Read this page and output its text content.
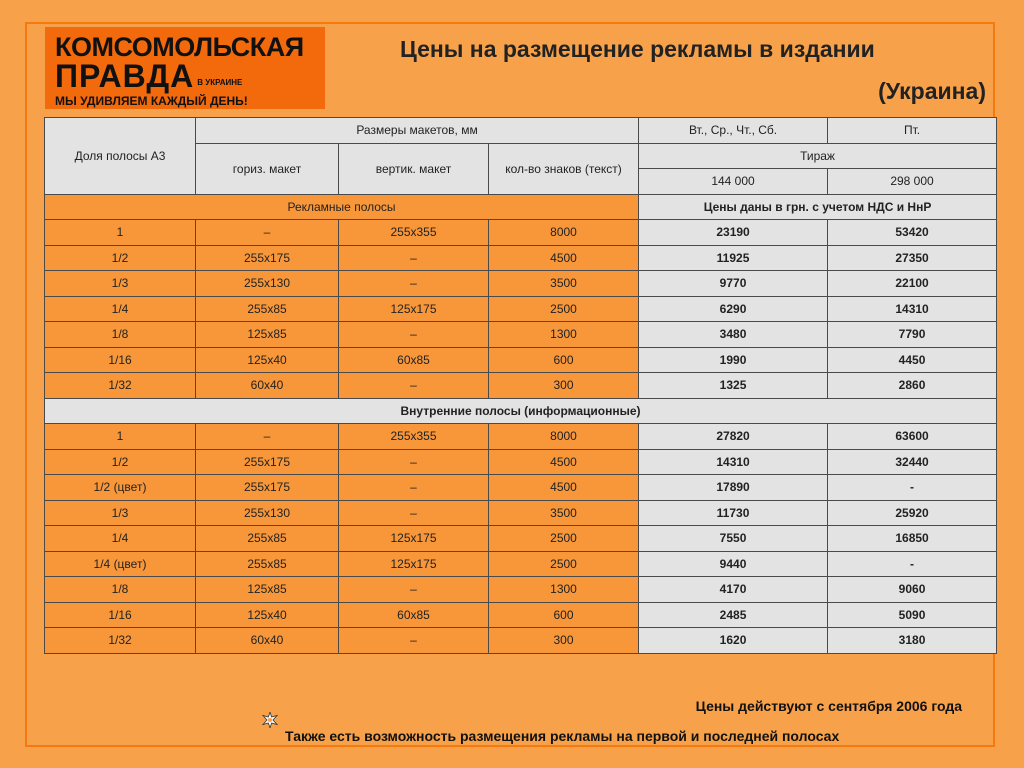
КОМСОМОЛЬСКАЯ
ПРАВДА В УКРАИНЕ
МЫ УДИВЛЯЕМ КАЖДЫЙ ДЕНЬ!
Цены на размещение рекламы в издании
(Украина)
Доля полосы А3	Размеры макетов, мм			Вт., Ср., Чт., Сб.	Пт.
	гориз. макет	вертик. макет	кол-во знаков (текст)	Тираж	
				144 000	298 000
Рекламные полосы				Цены даны в грн. с учетом НДС и НнР	
1	–	255x355	8000	23190	53420
1/2	255x175	–	4500	11925	27350
1/3	255x130	–	3500	9770	22100
1/4	255x85	125x175	2500	6290	14310
1/8	125x85	–	1300	3480	7790
1/16	125x40	60x85	600	1990	4450
1/32	60x40	–	300	1325	2860
Внутренние полосы (информационные)					
1	–	255x355	8000	27820	63600
1/2	255x175	–	4500	14310	32440
1/2 (цвет)	255x175	–	4500	17890	-
1/3	255x130	–	3500	11730	25920
1/4	255x85	125x175	2500	7550	16850
1/4 (цвет)	255x85	125x175	2500	9440	-
1/8	125x85	–	1300	4170	9060
1/16	125x40	60x85	600	2485	5090
1/32	60x40	–	300	1620	3180
Цены действуют с сентября 2006 года
Также есть возможность размещения рекламы на первой и последней полосах
